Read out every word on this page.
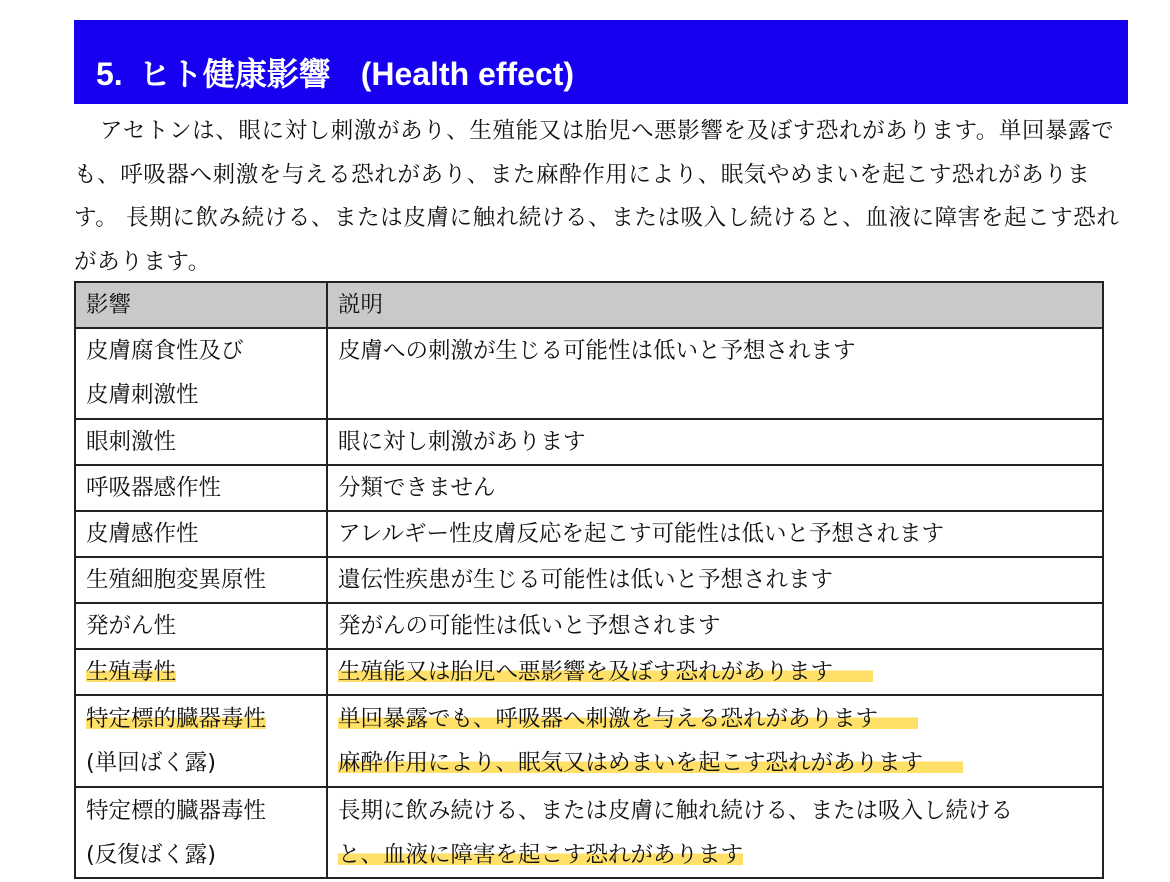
5. ヒト健康影響 (Health effect)

アセトンは、眼に対し刺激があり、生殖能又は胎児へ悪影響を及ぼす恐れがあります。単回暴露でも、呼吸器へ刺激を与える恐れがあり、また麻酔作用により、眠気やめまいを起こす恐れがあります。 長期に飲み続ける、または皮膚に触れ続ける、または吸入し続けると、血液に障害を起こす恐れがあります。

影響	説明

皮膚腐食性及び
皮膚刺激性	皮膚への刺激が生じる可能性は低いと予想されます

眼刺激性	眼に対し刺激があります

呼吸器感作性	分類できません

皮膚感作性	アレルギー性皮膚反応を起こす可能性は低いと予想されます

生殖細胞変異原性	遺伝性疾患が生じる可能性は低いと予想されます

発がん性	発がんの可能性は低いと予想されます

生殖毒性	生殖能又は胎児へ悪影響を及ぼす恐れがあります

特定標的臓器毒性
(単回ばく露)	単回暴露でも、呼吸器へ刺激を与える恐れがあります
麻酔作用により、眠気又はめまいを起こす恐れがあります

特定標的臓器毒性
(反復ばく露)	長期に飲み続ける、または皮膚に触れ続ける、または吸入し続ける
と、血液に障害を起こす恐れがあります
